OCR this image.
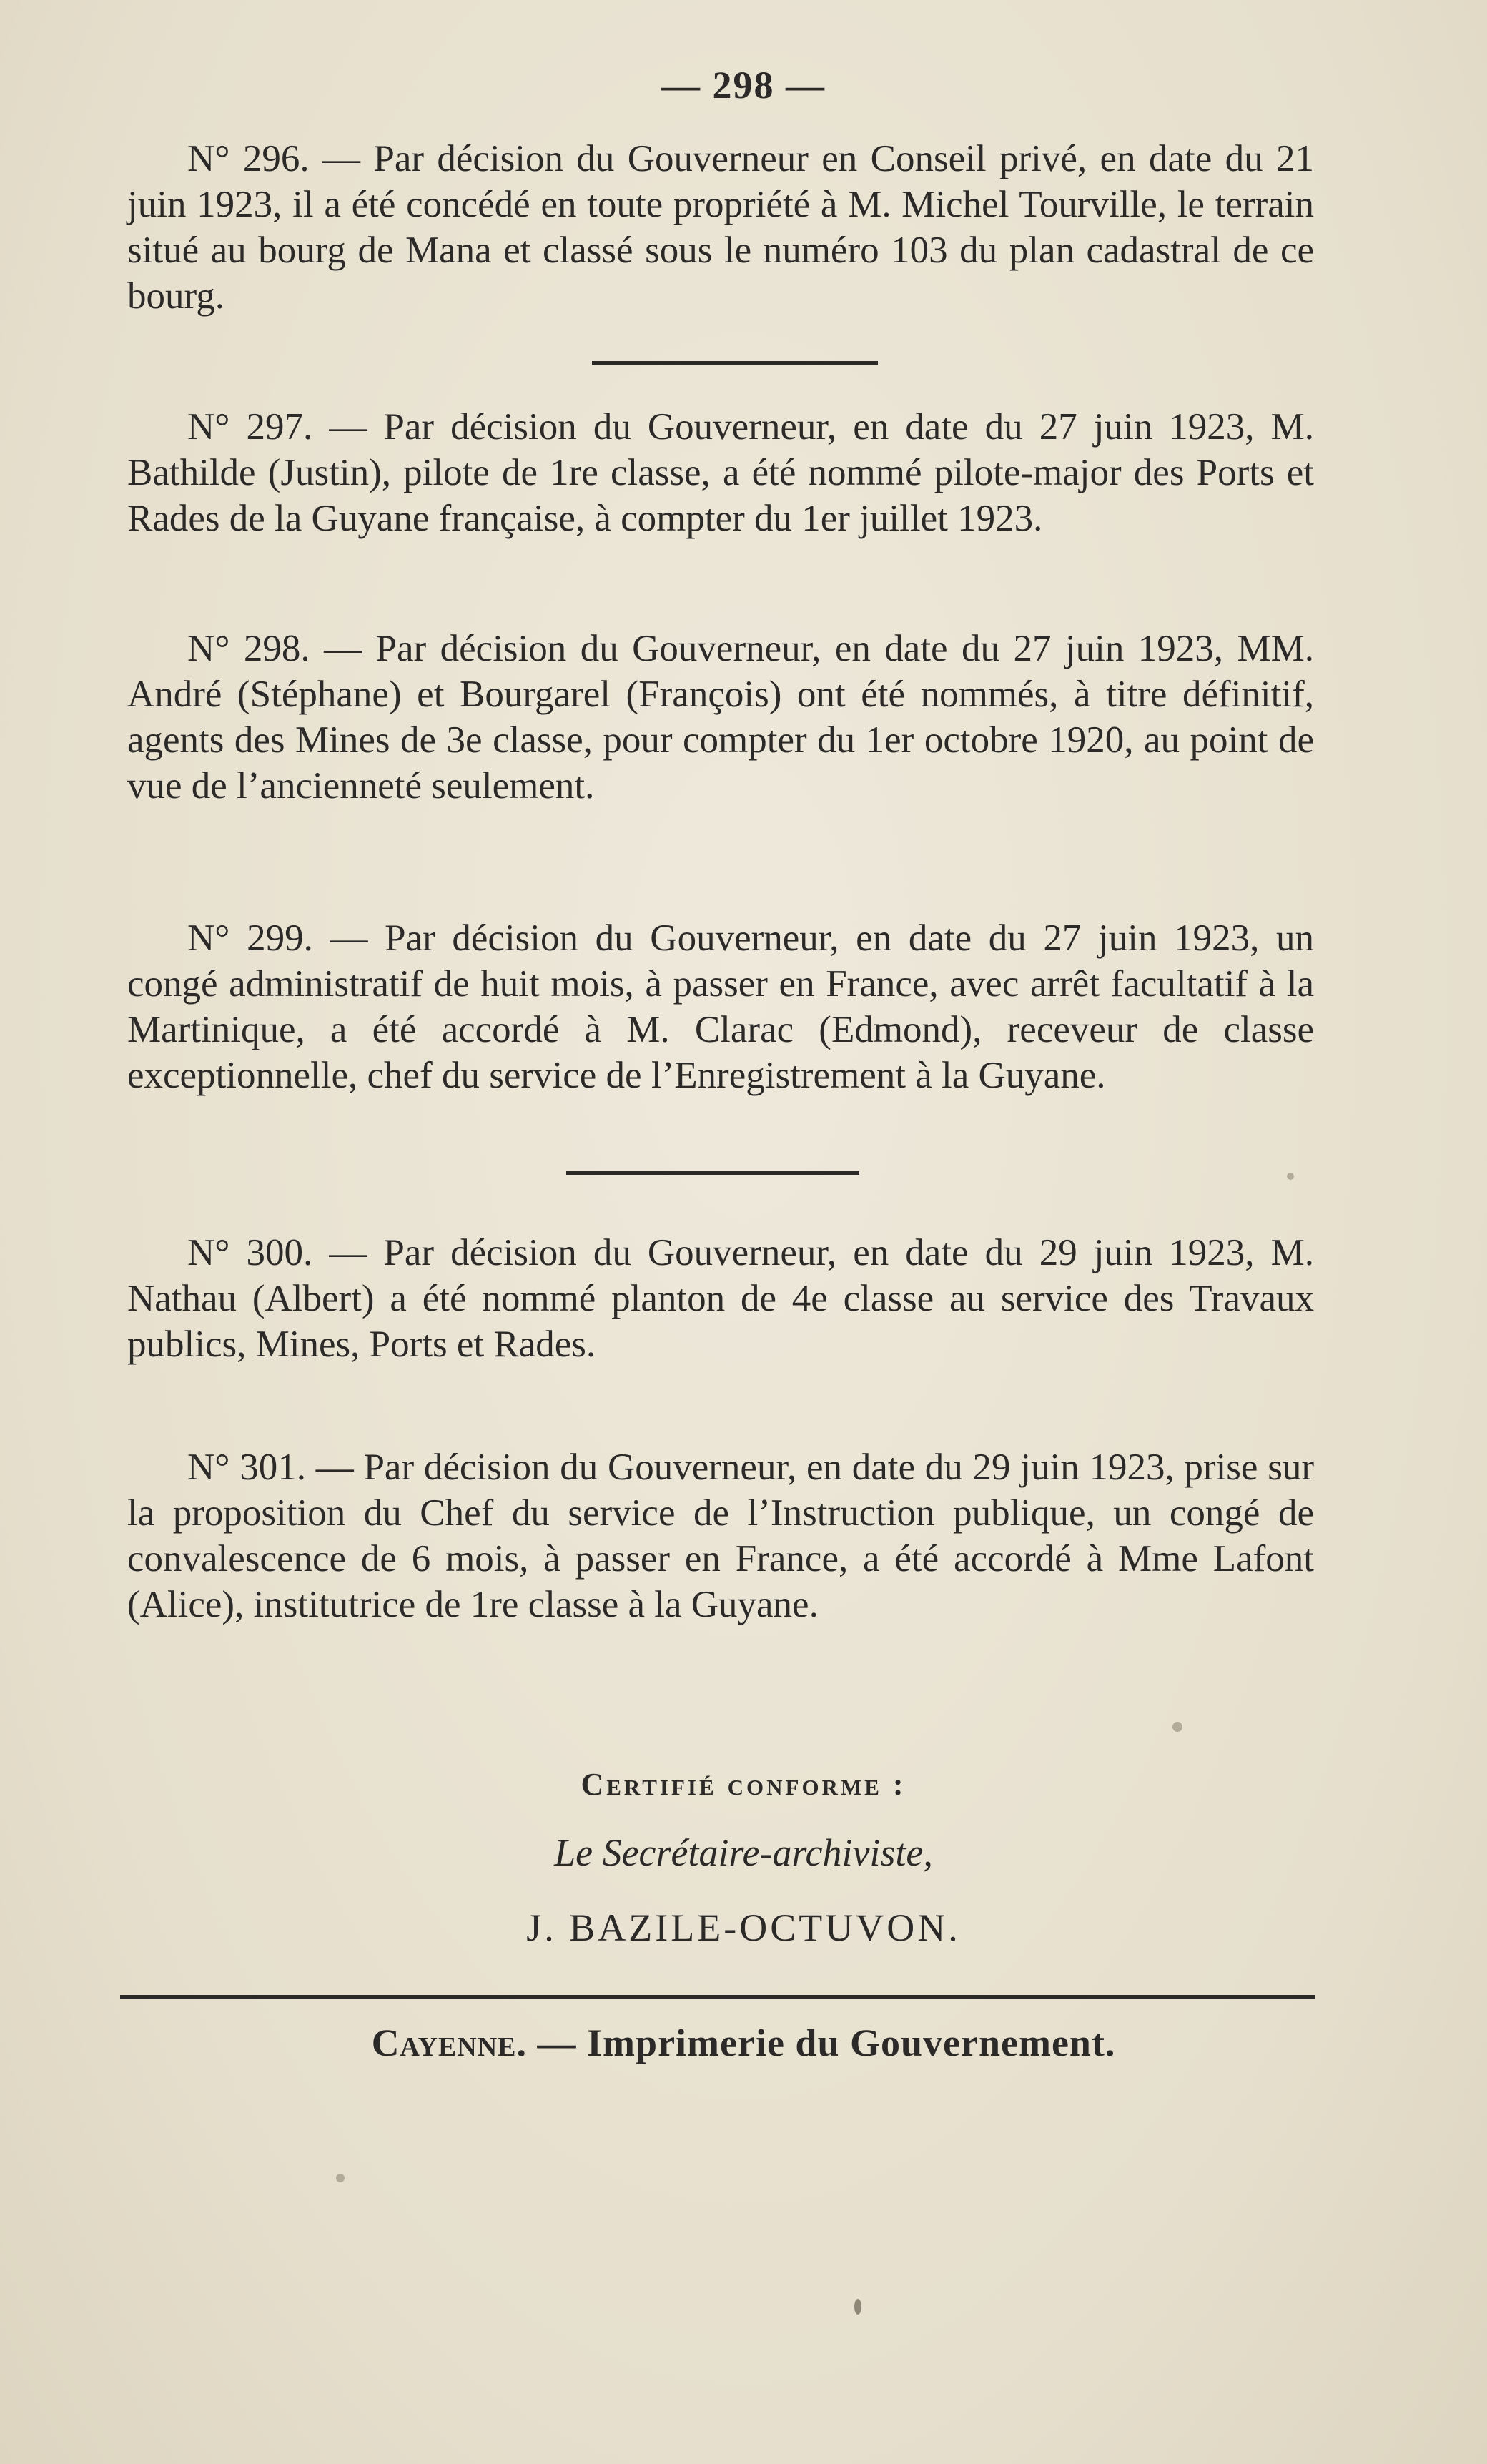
— 298 —

N° 296. — Par décision du Gouverneur en Conseil privé, en date du 21 juin 1923, il a été concédé en toute propriété à M. Michel Tourville, le terrain situé au bourg de Mana et classé sous le numéro 103 du plan cadastral de ce bourg.

N° 297. — Par décision du Gouverneur, en date du 27 juin 1923, M. Bathilde (Justin), pilote de 1re classe, a été nommé pilote-major des Ports et Rades de la Guyane française, à compter du 1er juillet 1923.

N° 298. — Par décision du Gouverneur, en date du 27 juin 1923, MM. André (Stéphane) et Bourgarel (François) ont été nommés, à titre définitif, agents des Mines de 3e classe, pour compter du 1er octobre 1920, au point de vue de l’ancienneté seulement.

N° 299. — Par décision du Gouverneur, en date du 27 juin 1923, un congé administratif de huit mois, à passer en France, avec arrêt facultatif à la Martinique, a été accordé à M. Clarac (Edmond), receveur de classe exceptionnelle, chef du service de l’Enregistrement à la Guyane.

N° 300. — Par décision du Gouverneur, en date du 29 juin 1923, M. Nathau (Albert) a été nommé planton de 4e classe au service des Travaux publics, Mines, Ports et Rades.

N° 301. — Par décision du Gouverneur, en date du 29 juin 1923, prise sur la proposition du Chef du service de l’Instruction publique, un congé de convalescence de 6 mois, à passer en France, a été accordé à Mme Lafont (Alice), institutrice de 1re classe à la Guyane.

Certifié conforme :
Le Secrétaire-archiviste,
J. BAZILE-OCTUVON.
Cayenne. — Imprimerie du Gouvernement.
